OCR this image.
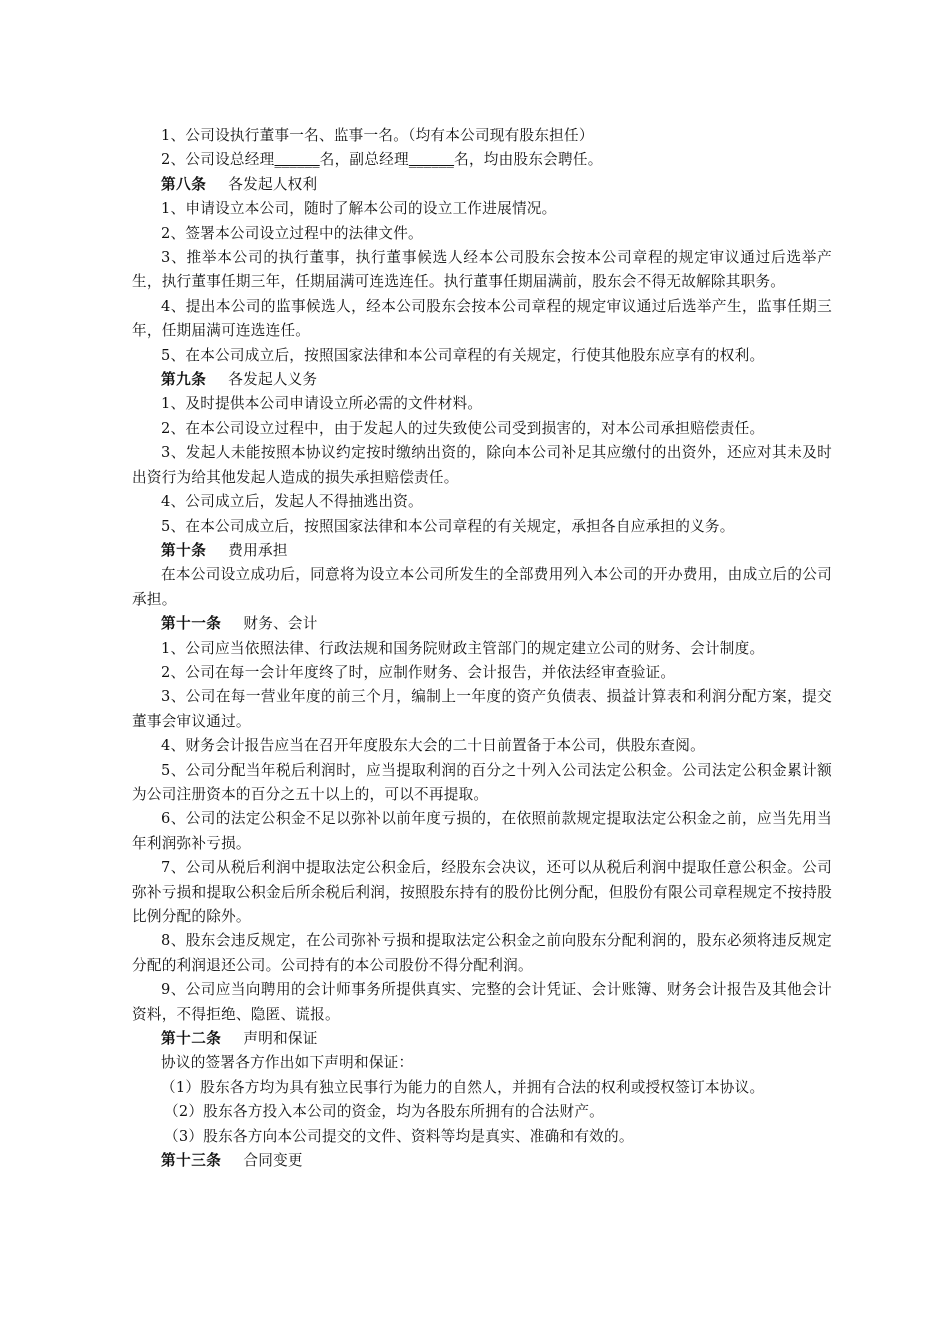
1、公司设执行董事一名、监事一名。（均有本公司现有股东担任）

2、公司设总经理______名，副总经理______名，均由股东会聘任。

第八条 各发起人权利

1、申请设立本公司，随时了解本公司的设立工作进展情况。

2、签署本公司设立过程中的法律文件。

3、推举本公司的执行董事，执行董事候选人经本公司股东会按本公司章程的规定审议通过后选举产生，执行董事任期三年，任期届满可连选连任。执行董事任期届满前，股东会不得无故解除其职务。

4、提出本公司的监事候选人，经本公司股东会按本公司章程的规定审议通过后选举产生，监事任期三年，任期届满可连选连任。

5、在本公司成立后，按照国家法律和本公司章程的有关规定，行使其他股东应享有的权利。

第九条 各发起人义务

1、及时提供本公司申请设立所必需的文件材料。

2、在本公司设立过程中，由于发起人的过失致使公司受到损害的，对本公司承担赔偿责任。

3、发起人未能按照本协议约定按时缴纳出资的，除向本公司补足其应缴付的出资外，还应对其未及时出资行为给其他发起人造成的损失承担赔偿责任。

4、公司成立后，发起人不得抽逃出资。

5、在本公司成立后，按照国家法律和本公司章程的有关规定，承担各自应承担的义务。

第十条 费用承担

在本公司设立成功后，同意将为设立本公司所发生的全部费用列入本公司的开办费用，由成立后的公司承担。

第十一条 财务、会计

1、公司应当依照法律、行政法规和国务院财政主管部门的规定建立公司的财务、会计制度。

2、公司在每一会计年度终了时，应制作财务、会计报告，并依法经审查验证。

3、公司在每一营业年度的前三个月，编制上一年度的资产负债表、损益计算表和利润分配方案，提交董事会审议通过。

4、财务会计报告应当在召开年度股东大会的二十日前置备于本公司，供股东查阅。

5、公司分配当年税后利润时，应当提取利润的百分之十列入公司法定公积金。公司法定公积金累计额为公司注册资本的百分之五十以上的，可以不再提取。

6、公司的法定公积金不足以弥补以前年度亏损的，在依照前款规定提取法定公积金之前，应当先用当年利润弥补亏损。

7、公司从税后利润中提取法定公积金后，经股东会决议，还可以从税后利润中提取任意公积金。公司弥补亏损和提取公积金后所余税后利润，按照股东持有的股份比例分配，但股份有限公司章程规定不按持股比例分配的除外。

8、股东会违反规定，在公司弥补亏损和提取法定公积金之前向股东分配利润的，股东必须将违反规定分配的利润退还公司。公司持有的本公司股份不得分配利润。

9、公司应当向聘用的会计师事务所提供真实、完整的会计凭证、会计账簿、财务会计报告及其他会计资料，不得拒绝、隐匿、谎报。

第十二条 声明和保证

协议的签署各方作出如下声明和保证：

（1）股东各方均为具有独立民事行为能力的自然人，并拥有合法的权利或授权签订本协议。

（2）股东各方投入本公司的资金，均为各股东所拥有的合法财产。

（3）股东各方向本公司提交的文件、资料等均是真实、准确和有效的。

第十三条 合同变更
